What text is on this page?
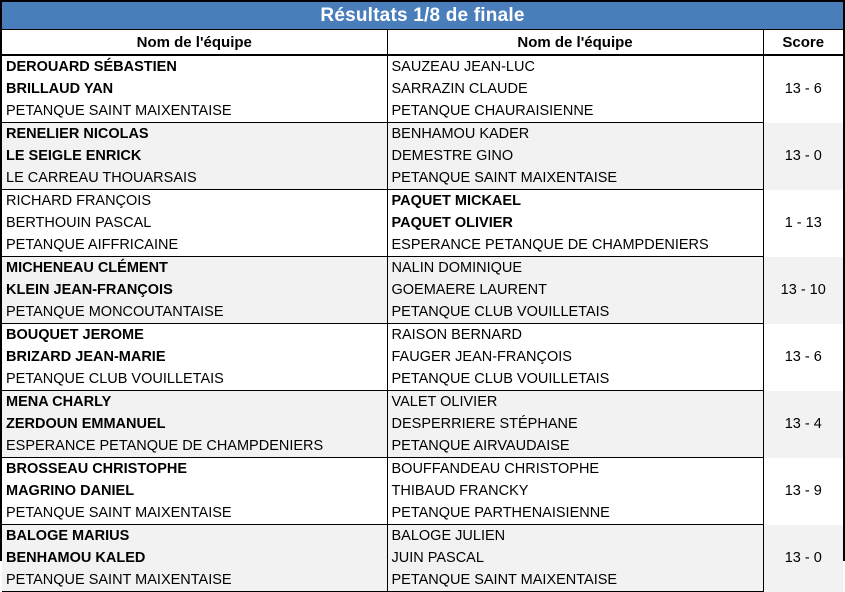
Résultats 1/8 de finale
Nom de l'équipe	Nom de l'équipe	Score
DEROUARD SÉBASTIEN	SAUZEAU JEAN-LUC	13 - 6
BRILLAUD YAN	SARRAZIN CLAUDE	
PETANQUE SAINT MAIXENTAISE	PETANQUE CHAURAISIENNE	
RENELIER NICOLAS	BENHAMOU KADER	13 - 0
LE SEIGLE ENRICK	DEMESTRE GINO	
LE CARREAU THOUARSAIS	PETANQUE SAINT MAIXENTAISE	
RICHARD FRANÇOIS	PAQUET MICKAEL	1 - 13
BERTHOUIN PASCAL	PAQUET OLIVIER	
PETANQUE AIFFRICAINE	ESPERANCE PETANQUE DE CHAMPDENIERS	
MICHENEAU CLÉMENT	NALIN DOMINIQUE	13 - 10
KLEIN JEAN-FRANÇOIS	GOEMAERE LAURENT	
PETANQUE MONCOUTANTAISE	PETANQUE CLUB VOUILLETAIS	
BOUQUET JEROME	RAISON BERNARD	13 - 6
BRIZARD JEAN-MARIE	FAUGER JEAN-FRANÇOIS	
PETANQUE CLUB VOUILLETAIS	PETANQUE CLUB VOUILLETAIS	
MENA CHARLY	VALET OLIVIER	13 - 4
ZERDOUN EMMANUEL	DESPERRIERE STÉPHANE	
ESPERANCE PETANQUE DE CHAMPDENIERS	PETANQUE AIRVAUDAISE	
BROSSEAU CHRISTOPHE	BOUFFANDEAU CHRISTOPHE	13 - 9
MAGRINO DANIEL	THIBAUD FRANCKY	
PETANQUE SAINT MAIXENTAISE	PETANQUE PARTHENAISIENNE	
BALOGE MARIUS	BALOGE JULIEN	13 - 0
BENHAMOU KALED	JUIN PASCAL	
PETANQUE SAINT MAIXENTAISE	PETANQUE SAINT MAIXENTAISE	
